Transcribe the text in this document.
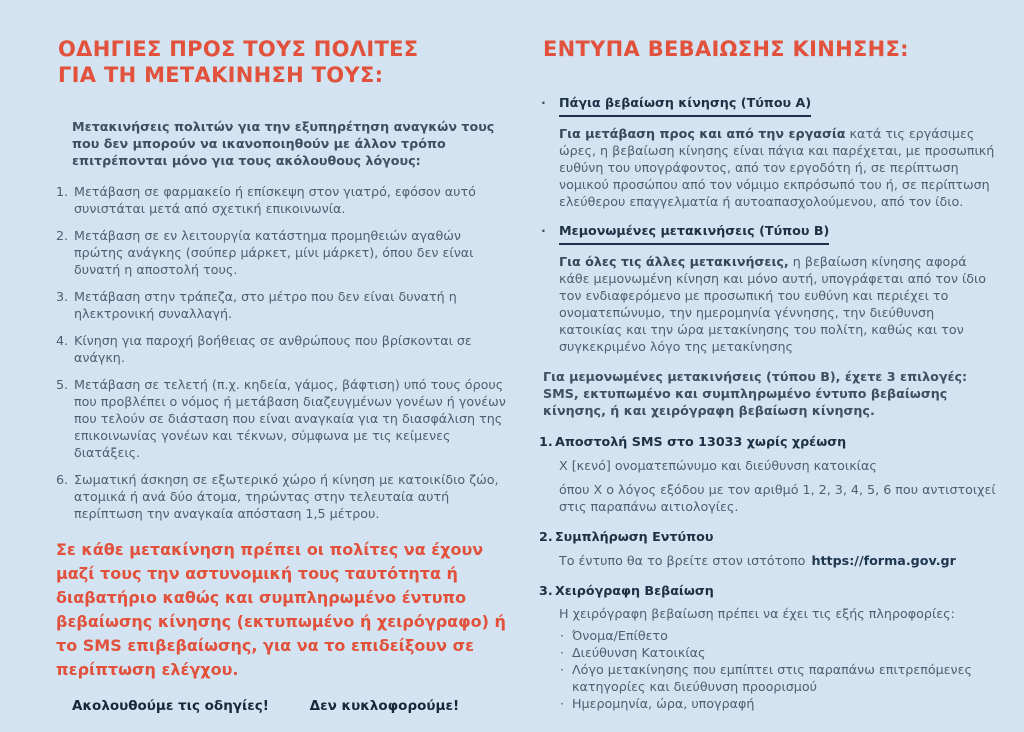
ΟΔΗΓΙΕΣ ΠΡΟΣ ΤΟΥΣ ΠΟΛΙΤΕΣ
ΓΙΑ ΤΗ ΜΕΤΑΚΙΝΗΣΗ ΤΟΥΣ:

Μετακινήσεις πολιτών για την εξυπηρέτηση αναγκών τους που δεν μπορούν να ικανοποιηθούν με άλλον τρόπο επιτρέπονται μόνο για τους ακόλουθους λόγους:

1. Μετάβαση σε φαρμακείο ή επίσκεψη στον γιατρό, εφόσον αυτό συνιστάται μετά από σχετική επικοινωνία.
2. Μετάβαση σε εν λειτουργία κατάστημα προμηθειών αγαθών πρώτης ανάγκης (σούπερ μάρκετ, μίνι μάρκετ), όπου δεν είναι δυνατή η αποστολή τους.
3. Μετάβαση στην τράπεζα, στο μέτρο που δεν είναι δυνατή η ηλεκτρονική συναλλαγή.
4. Κίνηση για παροχή βοήθειας σε ανθρώπους που βρίσκονται σε ανάγκη.
5. Μετάβαση σε τελετή (π.χ. κηδεία, γάμος, βάφτιση) υπό τους όρους που προβλέπει ο νόμος ή μετάβαση διαζευγμένων γονέων ή γονέων που τελούν σε διάσταση που είναι αναγκαία για τη διασφάλιση της επικοινωνίας γονέων και τέκνων, σύμφωνα με τις κείμενες διατάξεις.
6. Σωματική άσκηση σε εξωτερικό χώρο ή κίνηση με κατοικίδιο ζώο, ατομικά ή ανά δύο άτομα, τηρώντας στην τελευταία αυτή περίπτωση την αναγκαία απόσταση 1,5 μέτρου.

Σε κάθε μετακίνηση πρέπει οι πολίτες να έχουν μαζί τους την αστυνομική τους ταυτότητα ή διαβατήριο καθώς και συμπληρωμένο έντυπο βεβαίωσης κίνησης (εκτυπωμένο ή χειρόγραφο) ή το SMS επιβεβαίωσης, για να το επιδείξουν σε περίπτωση ελέγχου.

Ακολουθούμε τις οδηγίες!	Δεν κυκλοφορούμε!

ΕΝΤΥΠΑ ΒΕΒΑΙΩΣΗΣ ΚΙΝΗΣΗΣ:
·	Πάγια βεβαίωση κίνησης (Τύπου Α)

Για μετάβαση προς και από την εργασία κατά τις εργάσιμες ώρες, η βεβαίωση κίνησης είναι πάγια και παρέχεται, με προσωπική ευθύνη του υπογράφοντος, από τον εργοδότη ή, σε περίπτωση νομικού προσώπου από τον νόμιμο εκπρόσωπό του ή, σε περίπτωση ελεύθερου επαγγελματία ή αυτοαπασχολούμενου, από τον ίδιο.

·	Μεμονωμένες μετακινήσεις (Τύπου Β)

Για όλες τις άλλες μετακινήσεις, η βεβαίωση κίνησης αφορά κάθε μεμονωμένη κίνηση και μόνο αυτή, υπογράφεται από τον ίδιο τον ενδιαφερόμενο με προσωπική του ευθύνη και περιέχει το ονοματεπώνυμο, την ημερομηνία γέννησης, την διεύθυνση κατοικίας και την ώρα μετακίνησης του πολίτη, καθώς και τον συγκεκριμένο λόγο της μετακίνησης

Για μεμονωμένες μετακινήσεις (τύπου Β), έχετε 3 επιλογές: SMS, εκτυπωμένο και συμπληρωμένο έντυπο βεβαίωσης κίνησης, ή και χειρόγραφη βεβαίωση κίνησης.

1. Αποστολή SMS στο 13033 χωρίς χρέωση

Χ [κενό] ονοματεπώνυμο και διεύθυνση κατοικίας

όπου Χ ο λόγος εξόδου με τον αριθμό 1, 2, 3, 4, 5, 6 που αντιστοιχεί στις παραπάνω αιτιολογίες.

2. Συμπλήρωση Εντύπου

Το έντυπο θα το βρείτε στον ιστότοπο https://forma.gov.gr

3. Χειρόγραφη Βεβαίωση

Η χειρόγραφη βεβαίωση πρέπει να έχει τις εξής πληροφορίες:

· Όνομα/Επίθετο
· Διεύθυνση Κατοικίας
· Λόγο μετακίνησης που εμπίπτει στις παραπάνω επιτρεπόμενες κατηγορίες και διεύθυνση προορισμού
· Ημερομηνία, ώρα, υπογραφή
